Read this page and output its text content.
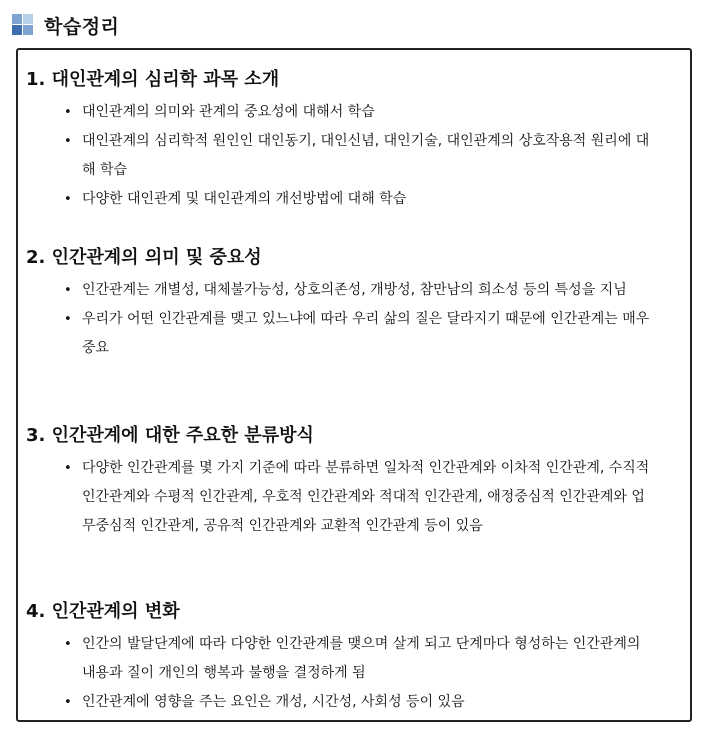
학습정리
1. 대인관계의 심리학 과목 소개
• 대인관계의 의미와 관계의 중요성에 대해서 학습
• 대인관계의 심리학적 원인인 대인동기, 대인신념, 대인기술, 대인관계의 상호작용적 원리에 대해 학습
• 다양한 대인관계 및 대인관계의 개선방법에 대해 학습
2. 인간관계의 의미 및 중요성
• 인간관계는 개별성, 대체불가능성, 상호의존성, 개방성, 참만남의 희소성 등의 특성을 지님
• 우리가 어떤 인간관계를 맺고 있느냐에 따라 우리 삶의 질은 달라지기 때문에 인간관계는 매우 중요
3. 인간관계에 대한 주요한 분류방식
• 다양한 인간관계를 몇 가지 기준에 따라 분류하면 일차적 인간관계와 이차적 인간관계, 수직적 인간관계와 수평적 인간관계, 우호적 인간관계와 적대적 인간관계, 애정중심적 인간관계와 업무중심적 인간관계, 공유적 인간관계와 교환적 인간관계 등이 있음
4. 인간관계의 변화
• 인간의 발달단계에 따라 다양한 인간관계를 맺으며 살게 되고 단계마다 형성하는 인간관계의 내용과 질이 개인의 행복과 불행을 결정하게 됨
• 인간관계에 영향을 주는 요인은 개성, 시간성, 사회성 등이 있음
